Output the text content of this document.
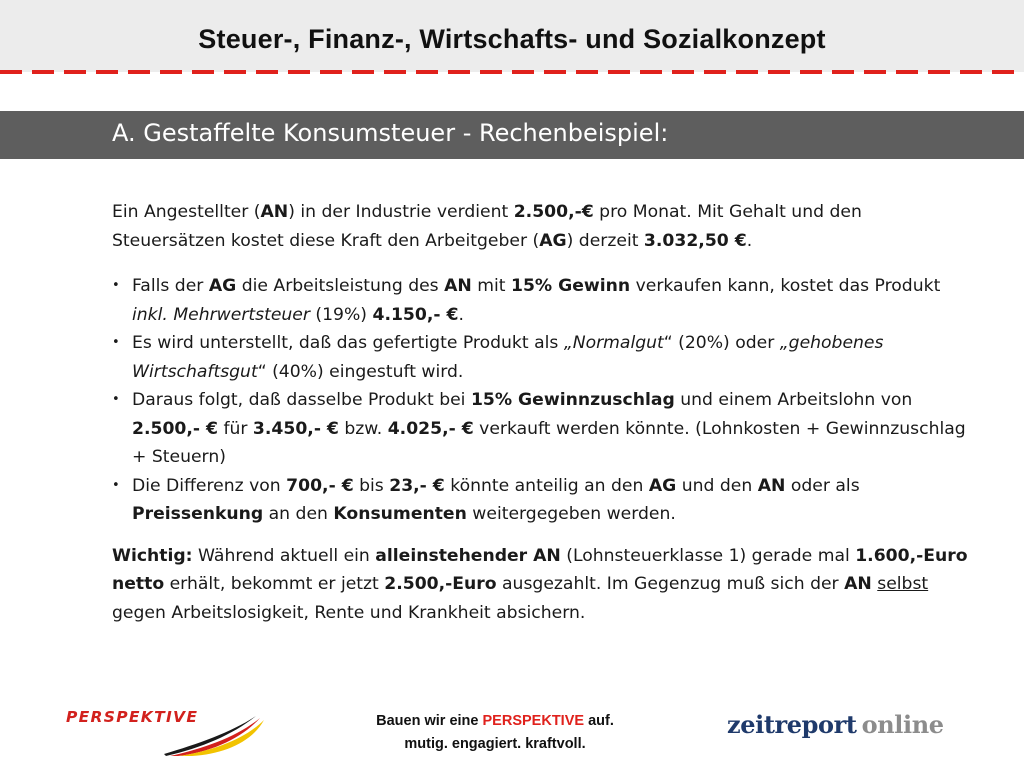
Steuer-, Finanz-, Wirtschafts- und Sozialkonzept
A. Gestaffelte Konsumsteuer - Rechenbeispiel:

Ein Angestellter (AN) in der Industrie verdient 2.500,-€ pro Monat. Mit Gehalt und den Steuersätzen kostet diese Kraft den Arbeitgeber (AG) derzeit 3.032,50 €.

• Falls der AG die Arbeitsleistung des AN mit 15% Gewinn verkaufen kann, kostet das Produkt inkl. Mehrwertsteuer (19%) 4.150,- €.
• Es wird unterstellt, daß das gefertigte Produkt als „Normalgut“ (20%) oder „gehobenes Wirtschaftsgut“ (40%) eingestuft wird.
• Daraus folgt, daß dasselbe Produkt bei 15% Gewinnzuschlag und einem Arbeitslohn von 2.500,- € für 3.450,- € bzw. 4.025,- € verkauft werden könnte. (Lohnkosten + Gewinnzuschlag + Steuern)
• Die Differenz von 700,- € bis 23,- € könnte anteilig an den AG und den AN oder als Preissenkung an den Konsumenten weitergegeben werden.

Wichtig: Während aktuell ein alleinstehender AN (Lohnsteuerklasse 1) gerade mal 1.600,-Euro netto erhält, bekommt er jetzt 2.500,-Euro ausgezahlt. Im Gegenzug muß sich der AN selbst gegen Arbeitslosigkeit, Rente und Krankheit absichern.

PERSPEKTIVE	Bauen wir eine PERSPEKTIVE auf.
mutig. engagiert. kraftvoll.
zeitreport online
